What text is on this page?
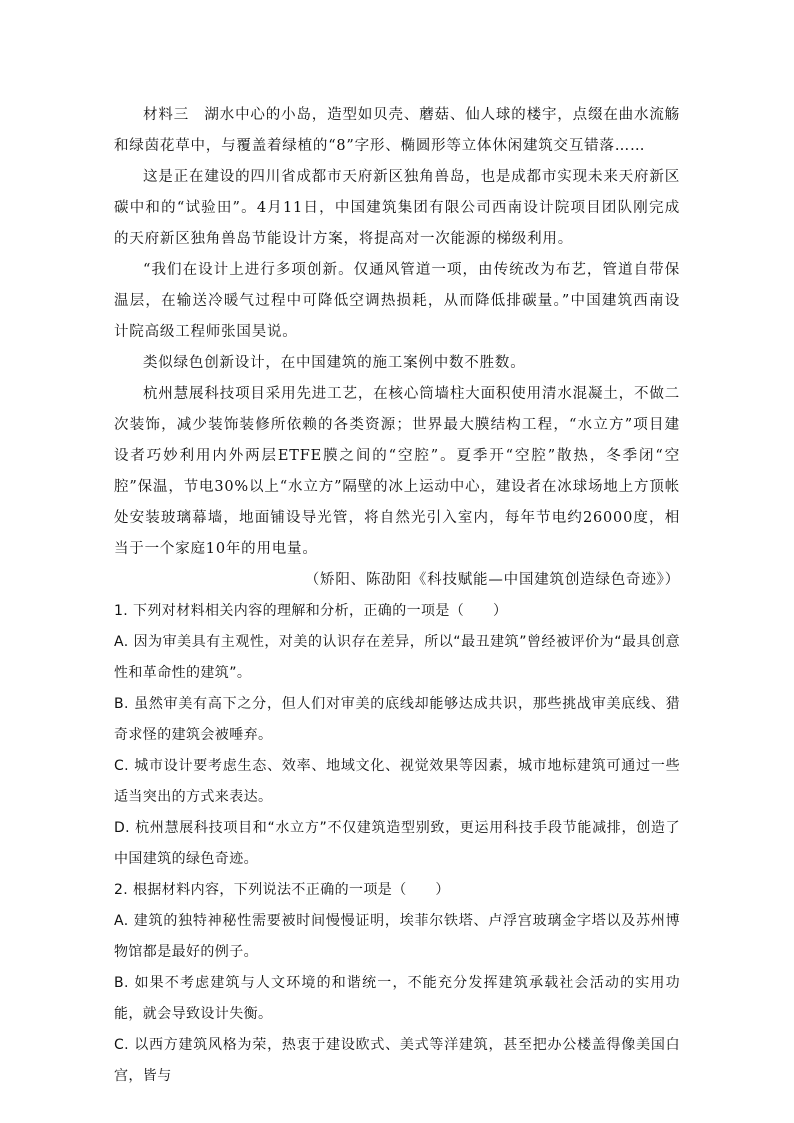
材料三　湖水中心的小岛，造型如贝壳、蘑菇、仙人球的楼宇，点缀在曲水流觞和绿茵花草中，与覆盖着绿植的“8”字形、椭圆形等立体休闲建筑交互错落……

这是正在建设的四川省成都市天府新区独角兽岛，也是成都市实现未来天府新区碳中和的“试验田”。4月11日，中国建筑集团有限公司西南设计院项目团队刚完成的天府新区独角兽岛节能设计方案，将提高对一次能源的梯级利用。

“我们在设计上进行多项创新。仅通风管道一项，由传统改为布艺，管道自带保温层，在输送冷暖气过程中可降低空调热损耗，从而降低排碳量。”中国建筑西南设计院高级工程师张国昊说。

类似绿色创新设计，在中国建筑的施工案例中数不胜数。

杭州慧展科技项目采用先进工艺，在核心筒墙柱大面积使用清水混凝土，不做二次装饰，减少装饰装修所依赖的各类资源；世界最大膜结构工程，“水立方”项目建设者巧妙利用内外两层ETFE膜之间的“空腔”。夏季开“空腔”散热，冬季闭“空腔”保温，节电30%以上“水立方”隔壁的冰上运动中心，建设者在冰球场地上方顶帐处安装玻璃幕墙，地面铺设导光管，将自然光引入室内，每年节电约26000度，相当于一个家庭10年的用电量。

（矫阳、陈劭阳《科技赋能—中国建筑创造绿色奇迹》）

1. 下列对材料相关内容的理解和分析，正确的一项是（　　）

A. 因为审美具有主观性，对美的认识存在差异，所以“最丑建筑”曾经被评价为“最具创意性和革命性的建筑”。

B. 虽然审美有高下之分，但人们对审美的底线却能够达成共识，那些挑战审美底线、猎奇求怪的建筑会被唾弃。

C. 城市设计要考虑生态、效率、地域文化、视觉效果等因素，城市地标建筑可通过一些适当突出的方式来表达。

D. 杭州慧展科技项目和“水立方”不仅建筑造型别致，更运用科技手段节能减排，创造了中国建筑的绿色奇迹。

2. 根据材料内容，下列说法不正确的一项是（　　）

A. 建筑的独特神秘性需要被时间慢慢证明，埃菲尔铁塔、卢浮宫玻璃金字塔以及苏州博物馆都是最好的例子。

B. 如果不考虑建筑与人文环境的和谐统一，不能充分发挥建筑承载社会活动的实用功能，就会导致设计失衡。

C. 以西方建筑风格为荣，热衷于建设欧式、美式等洋建筑，甚至把办公楼盖得像美国白宫，皆与
